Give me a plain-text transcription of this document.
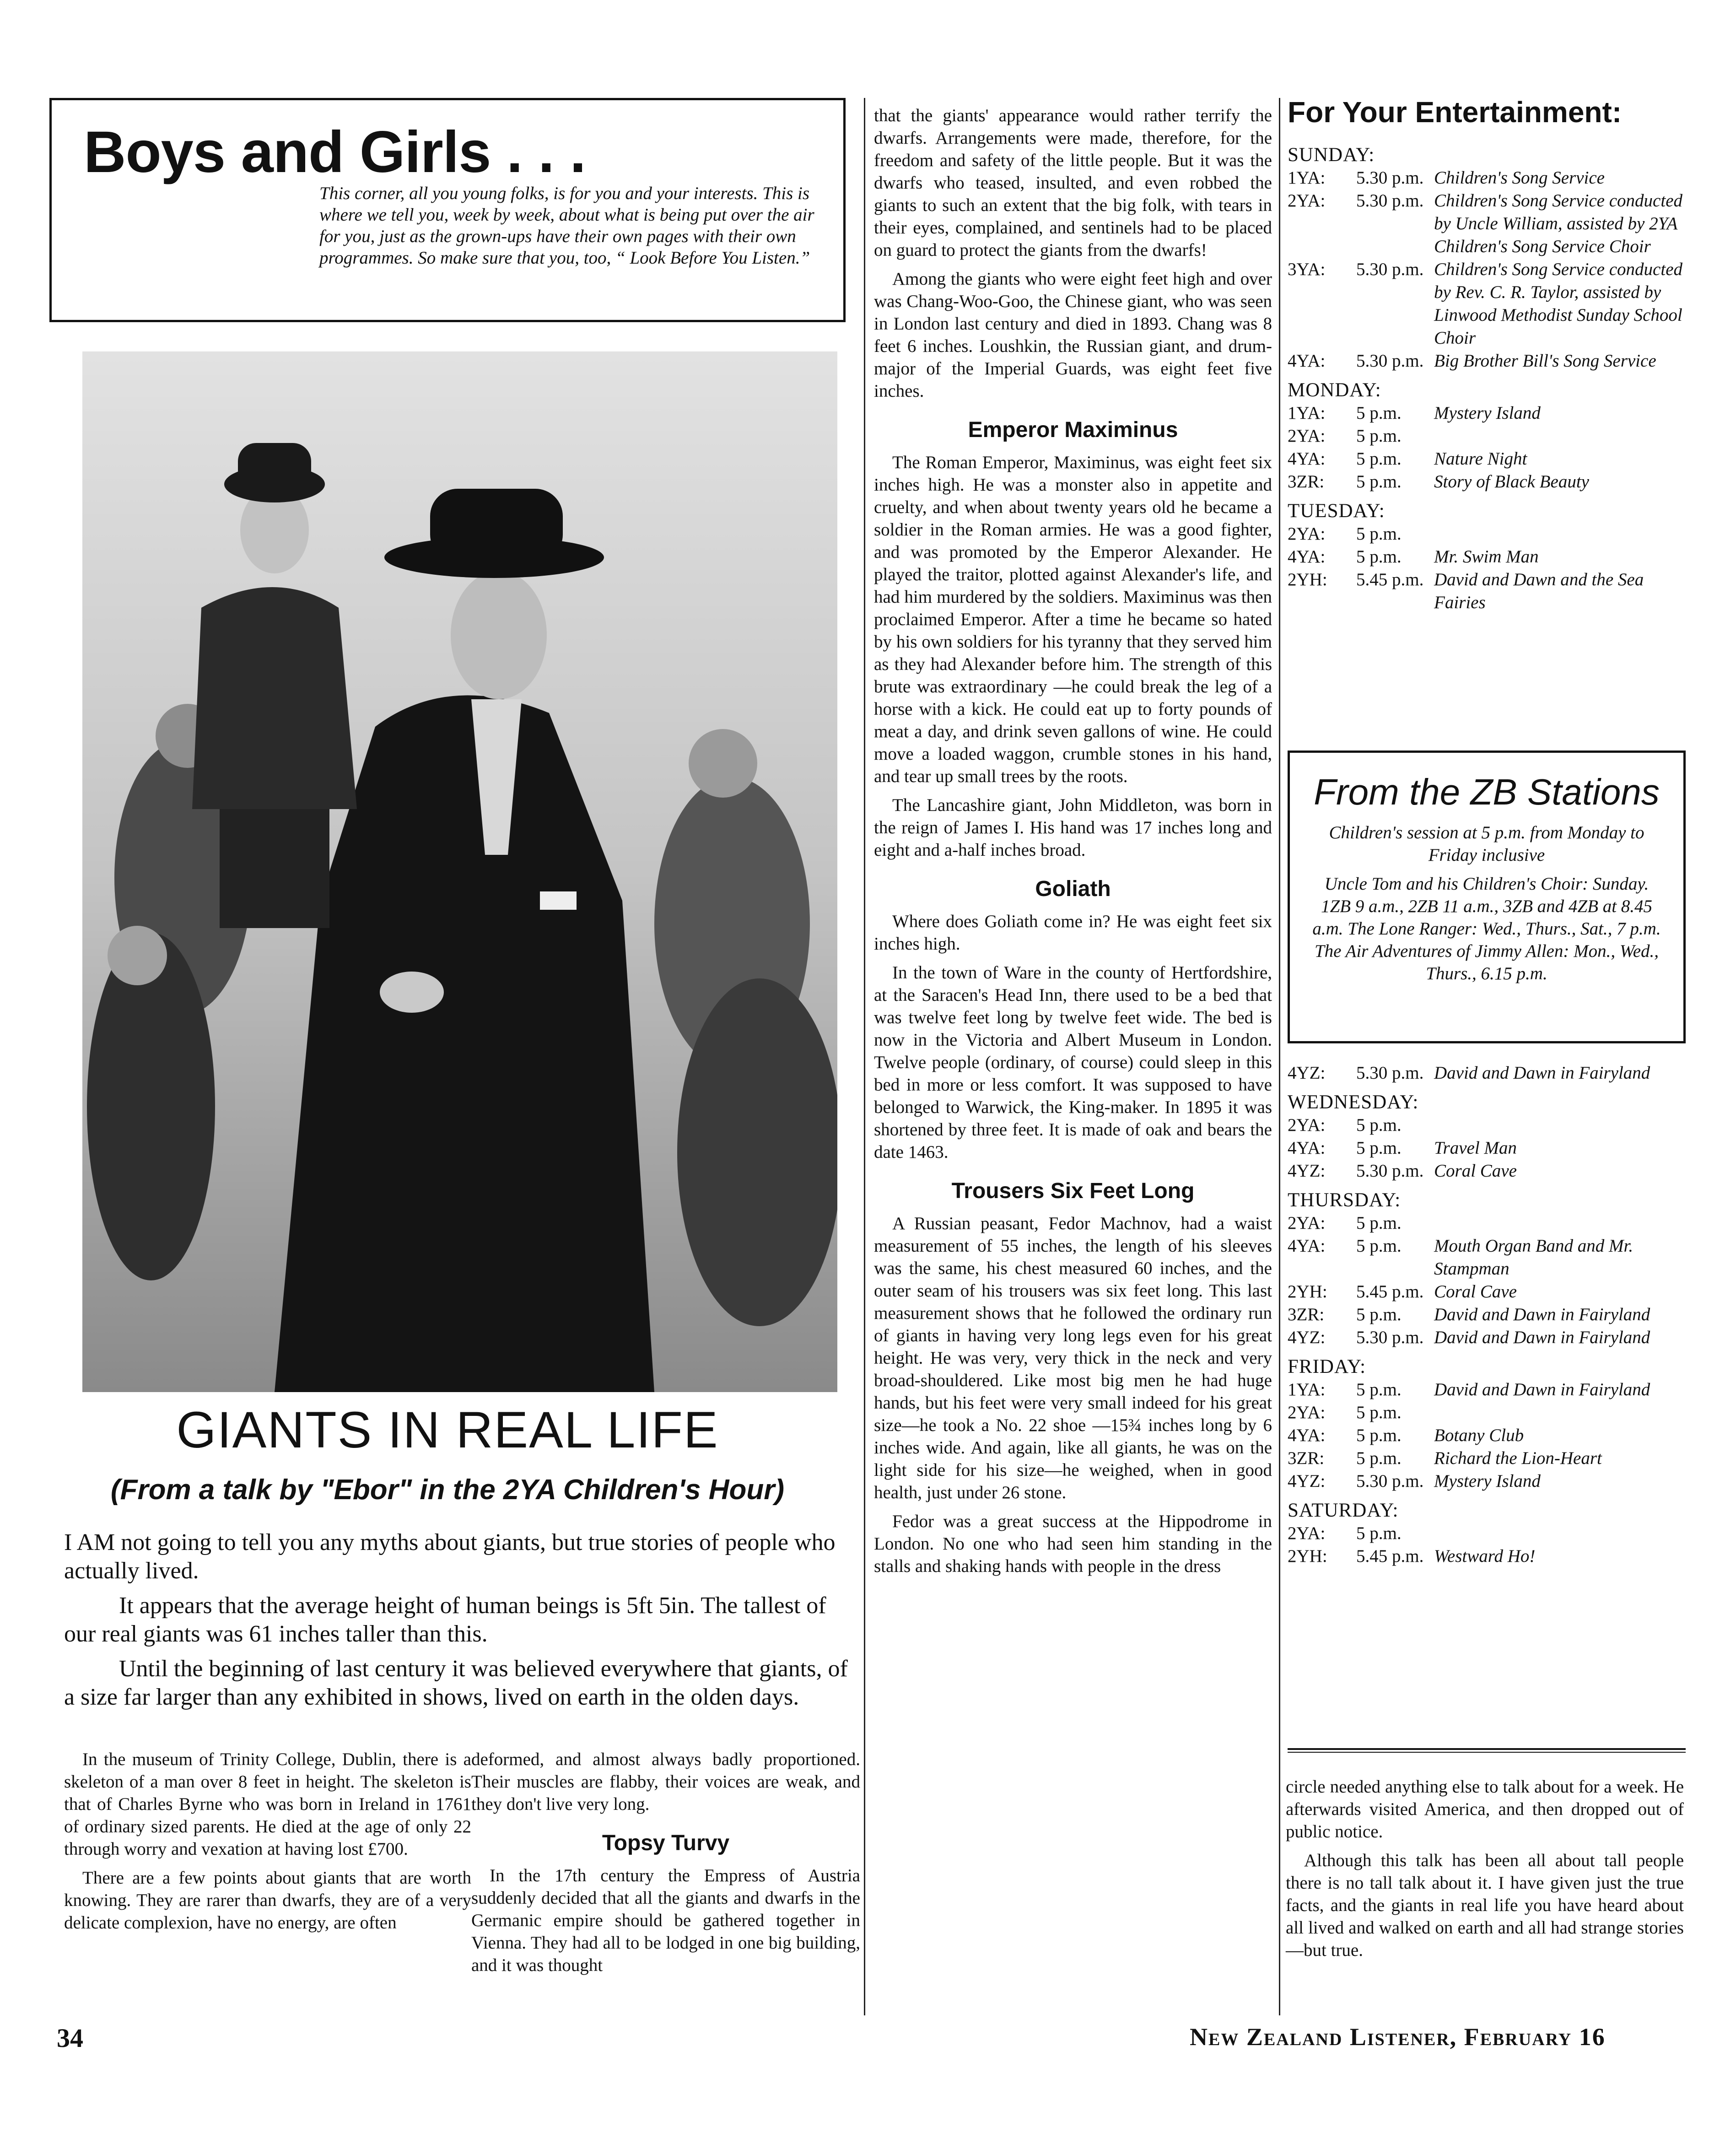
Boys and Girls . . .
This corner, all you young folks, is for you and your interests. This is where we tell you, week by week, about what is being put over the air for you, just as the grown-ups have their own pages with their own programmes. So make sure that you, too, “ Look Before You Listen.”
GIANTS IN REAL LIFE
(From a talk by "Ebor" in the 2YA Children's Hour)

I AM not going to tell you any myths about giants, but true stories of people who actually lived.

It appears that the average height of human beings is 5ft 5in. The tallest of our real giants was 61 inches taller than this.

Until the beginning of last century it was believed everywhere that giants, of a size far larger than any exhibited in shows, lived on earth in the olden days.

In the museum of Trinity College, Dublin, there is a skeleton of a man over 8 feet in height. The skeleton is that of Charles Byrne who was born in Ireland in 1761 of ordinary sized parents. He died at the age of only 22 through worry and vexation at having lost £700.

There are a few points about giants that are worth knowing. They are rarer than dwarfs, they are of a very delicate complexion, have no energy, are often

deformed, and almost always badly proportioned. Their muscles are flabby, their voices are weak, and they don't live very long.

Topsy Turvy

In the 17th century the Empress of Austria suddenly decided that all the giants and dwarfs in the Germanic empire should be gathered together in Vienna. They had all to be lodged in one big building, and it was thought

that the giants' appearance would rather terrify the dwarfs. Arrangements were made, therefore, for the freedom and safety of the little people. But it was the dwarfs who teased, insulted, and even robbed the giants to such an extent that the big folk, with tears in their eyes, complained, and sentinels had to be placed on guard to protect the giants from the dwarfs!

Among the giants who were eight feet high and over was Chang-Woo-Goo, the Chinese giant, who was seen in London last century and died in 1893. Chang was 8 feet 6 inches. Loushkin, the Russian giant, and drum-major of the Imperial Guards, was eight feet five inches.

Emperor Maximinus

The Roman Emperor, Maximinus, was eight feet six inches high. He was a monster also in appetite and cruelty, and when about twenty years old he became a soldier in the Roman armies. He was a good fighter, and was promoted by the Emperor Alexander. He played the traitor, plotted against Alexander's life, and had him murdered by the soldiers. Maximinus was then proclaimed Emperor. After a time he became so hated by his own soldiers for his tyranny that they served him as they had Alexander before him. The strength of this brute was extraordinary —he could break the leg of a horse with a kick. He could eat up to forty pounds of meat a day, and drink seven gallons of wine. He could move a loaded waggon, crumble stones in his hand, and tear up small trees by the roots.

The Lancashire giant, John Middleton, was born in the reign of James I. His hand was 17 inches long and eight and a-half inches broad.

Goliath

Where does Goliath come in? He was eight feet six inches high.

In the town of Ware in the county of Hertfordshire, at the Saracen's Head Inn, there used to be a bed that was twelve feet long by twelve feet wide. The bed is now in the Victoria and Albert Museum in London. Twelve people (ordinary, of course) could sleep in this bed in more or less comfort. It was supposed to have belonged to Warwick, the King-maker. In 1895 it was shortened by three feet. It is made of oak and bears the date 1463.

Trousers Six Feet Long

A Russian peasant, Fedor Machnov, had a waist measurement of 55 inches, the length of his sleeves was the same, his chest measured 60 inches, and the outer seam of his trousers was six feet long. This last measurement shows that he followed the ordinary run of giants in having very long legs even for his great height. He was very, very thick in the neck and very broad-shouldered. Like most big men he had huge hands, but his feet were very small indeed for his great size—he took a No. 22 shoe —15¾ inches long by 6 inches wide. And again, like all giants, he was on the light side for his size—he weighed, when in good health, just under 26 stone.

Fedor was a great success at the Hippodrome in London. No one who had seen him standing in the stalls and shaking hands with people in the dress

For Your Entertainment:
SUNDAY:
1YA:	5.30 p.m. Children's Song Service
2YA:	5.30 p.m. Children's Song Service conducted by Uncle William, assisted by 2YA Children's Song Service Choir
3YA:	5.30 p.m. Children's Song Service conducted by Rev. C. R. Taylor, assisted by Linwood Methodist Sunday School Choir
4YA:	5.30 p.m. Big Brother Bill's Song Service
MONDAY:
1YA:	5 p.m.	Mystery Island
2YA:	5 p.m.
4YA:	5 p.m.	Nature Night
3ZR:	5 p.m.	Story of Black Beauty
TUESDAY:
2YA:	5 p.m.
4YA:	5 p.m.	Mr. Swim Man
2YH:	5.45 p.m. David and Dawn and the Sea Fairies
From the ZB Stations

Children's session at 5 p.m. from Monday to Friday inclusive

Uncle Tom and his Children's Choir: Sunday. 1ZB 9 a.m., 2ZB 11 a.m., 3ZB and 4ZB at 8.45 a.m. The Lone Ranger: Wed., Thurs., Sat., 7 p.m. The Air Adventures of Jimmy Allen: Mon., Wed., Thurs., 6.15 p.m.

4YZ:	5.30 p.m. David and Dawn in Fairyland
WEDNESDAY:
2YA:	5 p.m.
4YA:	5 p.m.	Travel Man
4YZ:	5.30 p.m. Coral Cave
THURSDAY:
2YA:	5 p.m.
4YA:	5 p.m.	Mouth Organ Band and Mr. Stampman
2YH:	5.45 p.m. Coral Cave
3ZR:	5 p.m.	David and Dawn in Fairyland
4YZ:	5.30 p.m. David and Dawn in Fairyland
FRIDAY:
1YA:	5 p.m.	David and Dawn in Fairyland
2YA:	5 p.m.
4YA:	5 p.m.	Botany Club
3ZR:	5 p.m.	Richard the Lion-Heart
4YZ:	5.30 p.m. Mystery Island
SATURDAY:
2YA:	5 p.m.
2YH:	5.45 p.m. Westward Ho!

circle needed anything else to talk about for a week. He afterwards visited America, and then dropped out of public notice.

Although this talk has been all about tall people there is no tall talk about it. I have given just the true facts, and the giants in real life you have heard about all lived and walked on earth and all had strange stories—but true.

34	New Zealand Listener, February 16
